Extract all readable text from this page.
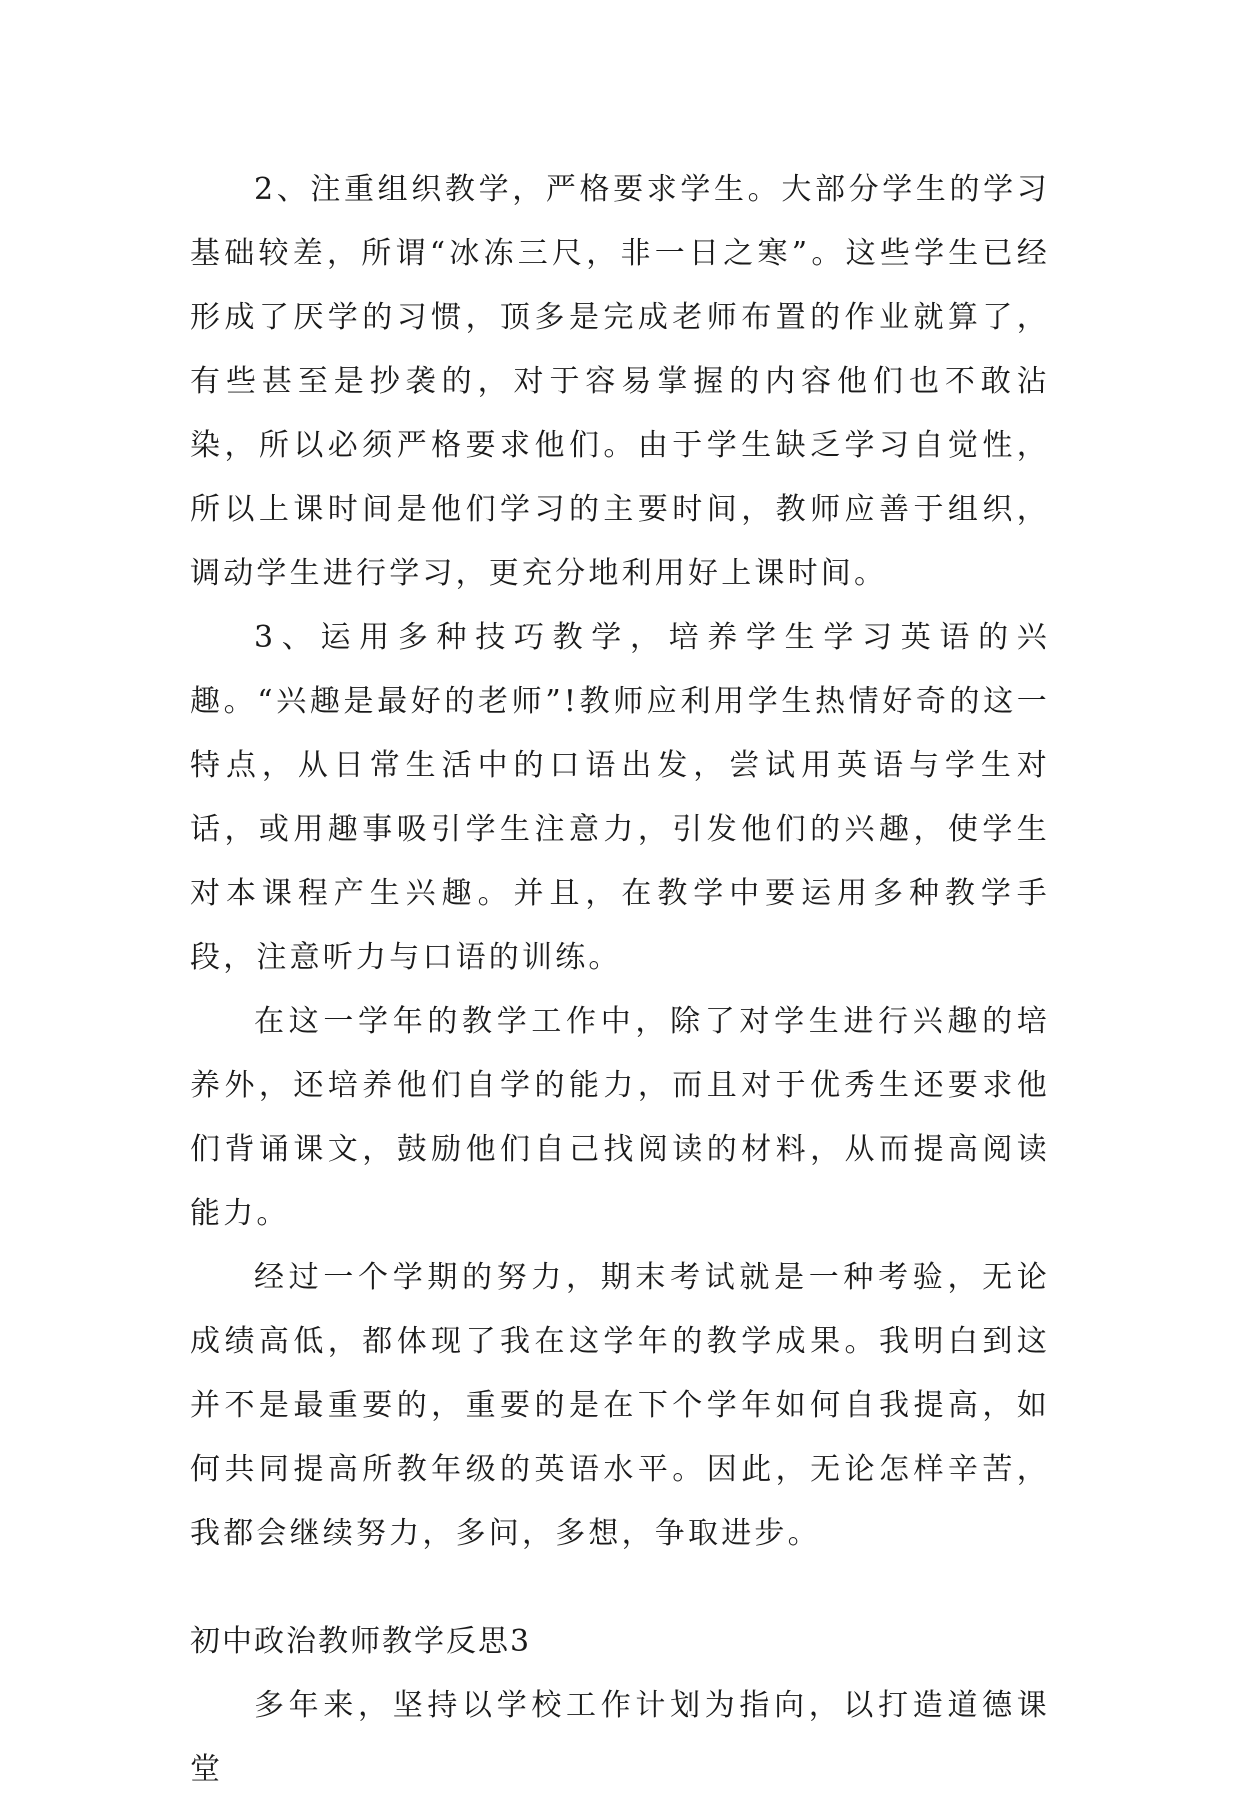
2、注重组织教学，严格要求学生。大部分学生的学习基础较差，所谓“冰冻三尺，非一日之寒”。这些学生已经形成了厌学的习惯，顶多是完成老师布置的作业就算了，有些甚至是抄袭的，对于容易掌握的内容他们也不敢沾染，所以必须严格要求他们。由于学生缺乏学习自觉性，所以上课时间是他们学习的主要时间，教师应善于组织，调动学生进行学习，更充分地利用好上课时间。

3、运用多种技巧教学，培养学生学习英语的兴趣。“兴趣是最好的老师”!教师应利用学生热情好奇的这一特点，从日常生活中的口语出发，尝试用英语与学生对话，或用趣事吸引学生注意力，引发他们的兴趣，使学生对本课程产生兴趣。并且，在教学中要运用多种教学手段，注意听力与口语的训练。

在这一学年的教学工作中，除了对学生进行兴趣的培养外，还培养他们自学的能力，而且对于优秀生还要求他们背诵课文，鼓励他们自己找阅读的材料，从而提高阅读能力。

经过一个学期的努力，期末考试就是一种考验，无论成绩高低，都体现了我在这学年的教学成果。我明白到这并不是最重要的，重要的是在下个学年如何自我提高，如何共同提高所教年级的英语水平。因此，无论怎样辛苦，我都会继续努力，多问，多想，争取进步。

初中政治教师教学反思3

多年来，坚持以学校工作计划为指向，以打造道德课堂
